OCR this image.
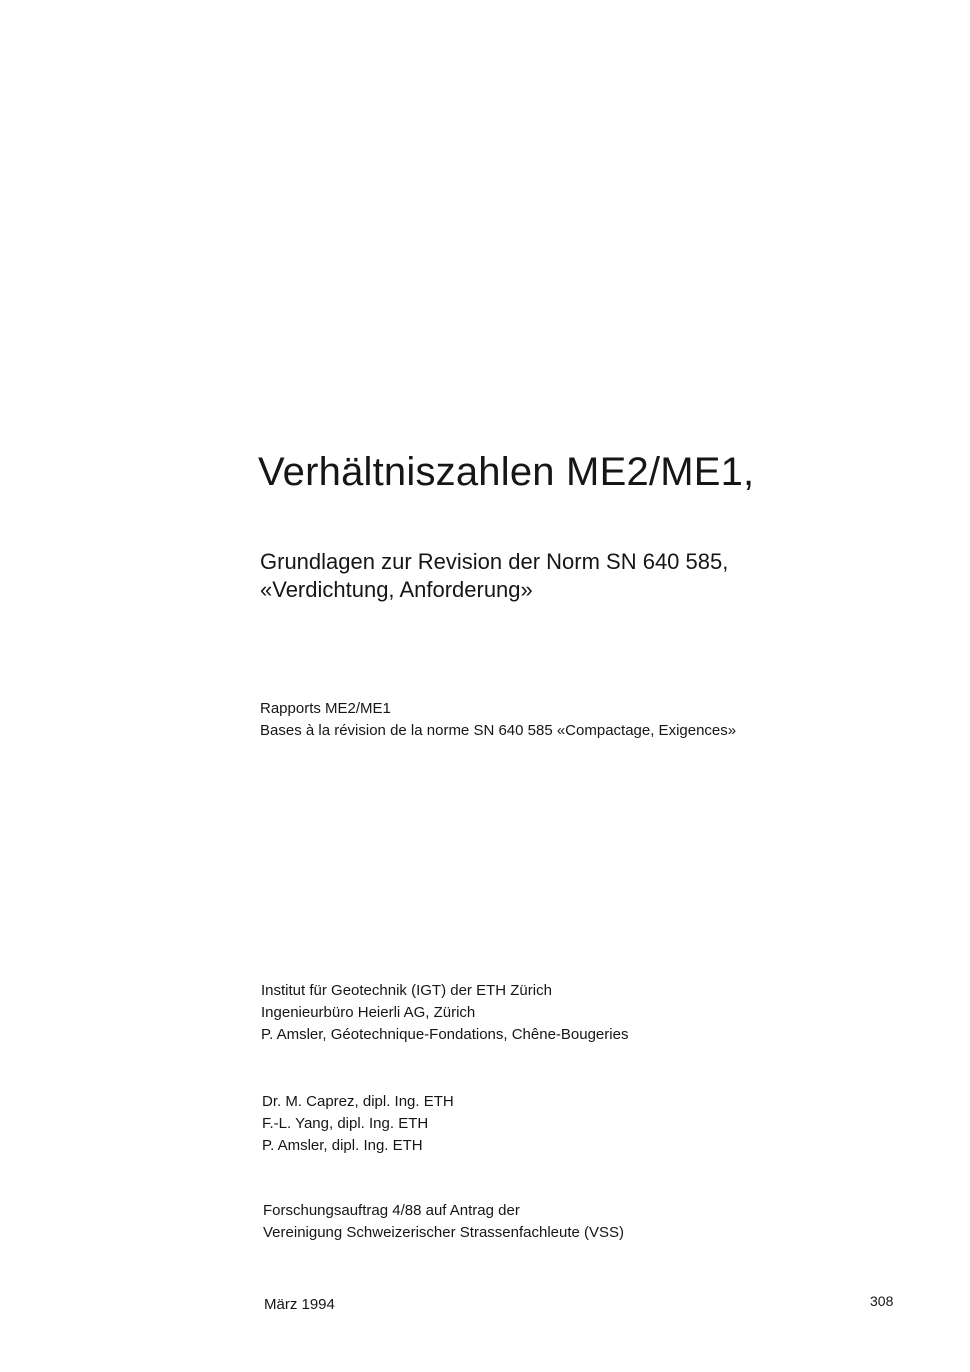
Verhältniszahlen ME2/ME1,
Grundlagen zur Revision der Norm SN 640 585,
«Verdichtung, Anforderung»
Rapports ME2/ME1
Bases à la révision de la norme SN 640 585 «Compactage, Exigences»
Institut für Geotechnik (IGT) der ETH Zürich
Ingenieurbüro Heierli AG, Zürich
P. Amsler, Géotechnique-Fondations, Chêne-Bougeries
Dr. M. Caprez, dipl. Ing. ETH
F.-L. Yang, dipl. Ing. ETH
P. Amsler, dipl. Ing. ETH
Forschungsauftrag 4/88 auf Antrag der
Vereinigung Schweizerischer Strassenfachleute (VSS)
März 1994	308
